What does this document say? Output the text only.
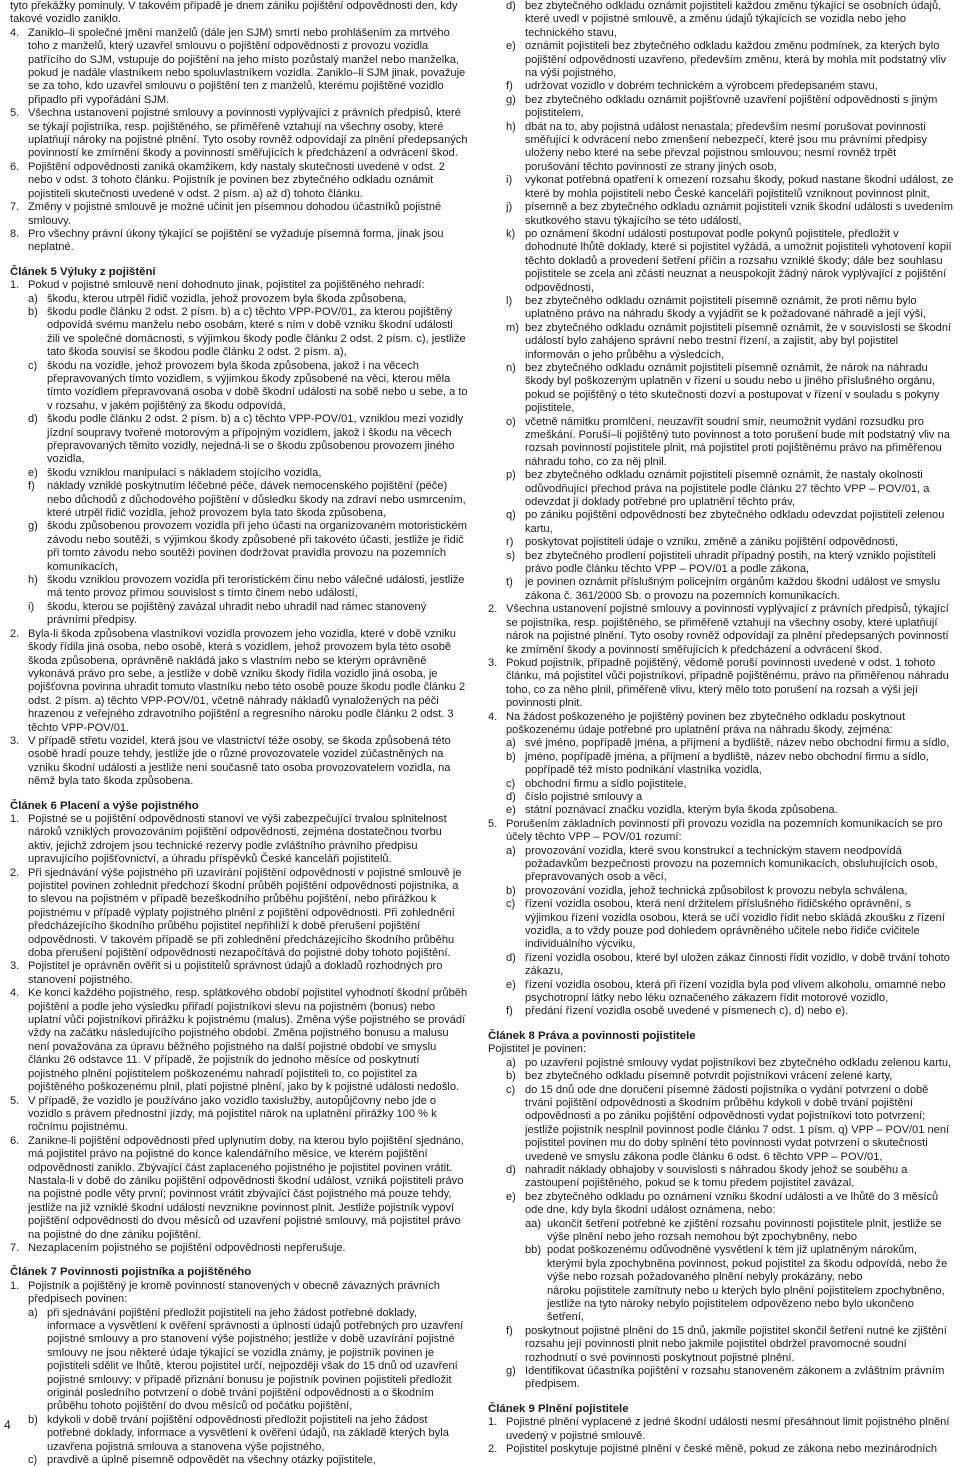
tyto překážky pominuly. V takovém případě je dnem zániku pojištění odpovědnosti den, kdy takové vozidlo zaniklo.

4. Zaniklo–li společné jmění manželů (dále jen SJM) smrtí nebo prohlášením za mrtvého toho z manželů, který uzavřel smlouvu o pojištění odpovědnosti z provozu vozidla patřícího do SJM, vstupuje do pojištění na jeho místo pozůstalý manžel nebo manželka, pokud je nadále vlastníkem nebo spoluvlastníkem vozidla. Zaniklo–li SJM jinak, považuje se za toho, kdo uzavřel smlouvu o pojištění ten z manželů, kterému pojištěné vozidlo připadlo při vypořádání SJM.
5. Všechna ustanovení pojistné smlouvy a povinnosti vyplývající z právních předpisů, které se týkají pojistníka, resp. pojištěného, se přiměřeně vztahují na všechny osoby, které uplatňují nároky na pojistné plnění. Tyto osoby rovněž odpovídají za plnění předepsaných povinností ke zmírnění škody a povinností směřujících k předcházení a odvrácení škod.
6. Pojištění odpovědnosti zaniká okamžikem, kdy nastaly skutečnosti uvedené v odst. 2 nebo v odst. 3 tohoto článku. Pojistník je povinen bez zbytečného odkladu oznámit pojistiteli skutečnosti uvedené v odst. 2 písm. a) až d) tohoto článku.
7. Změny v pojistné smlouvě je možné učinit jen písemnou dohodou účastníků pojistné smlouvy.
8. Pro všechny právní úkony týkající se pojištění se vyžaduje písemná forma, jinak jsou neplatné.
Článek 5 Výluky z pojištění
1. Pokud v pojistné smlouvě není dohodnuto jinak, pojistitel za pojištěného nehradí:
a) škodu, kterou utrpěl řidič vozidla, jehož provozem byla škoda způsobena,
b) škodu podle článku 2 odst. 2 písm. b) a c) těchto VPP-POV/01, za kterou pojištěný odpovídá svému manželu nebo osobám, které s ním v době vzniku škodní události žili ve společné domácnosti, s výjimkou škody podle článku 2 odst. 2 písm. c), jestliže tato škoda souvisí se škodou podle článku 2 odst. 2 písm. a),
c) škodu na vozidle, jehož provozem byla škoda způsobena, jakož i na věcech přepravovaných tímto vozidlem, s výjimkou škody způsobené na věci, kterou měla tímto vozidlem přepravovaná osoba v době škodní události na sobě nebo u sebe, a to v rozsahu, v jakém pojištěný za škodu odpovídá,
d) škodu podle článku 2 odst. 2 písm. b) a c) těchto VPP-POV/01, vzniklou mezi vozidly jízdní soupravy tvořené motorovým a přípojným vozidlem, jakož i škodu na věcech přepravovaných těmito vozidly, nejedná-li se o škodu způsobenou provozem jiného vozidla,
e) škodu vzniklou manipulací s nákladem stojícího vozidla,
f)	náklady vzniklé poskytnutím léčebné péče, dávek nemocenského pojištění (péče) nebo důchodů z důchodového pojištění v důsledku škody na zdraví nebo usmrcením, které utrpěl řidič vozidla, jehož provozem byla tato škoda způsobena,
g) škodu způsobenou provozem vozidla při jeho účasti na organizovaném motoristickém závodu nebo soutěži, s výjimkou škody způsobené při takovéto účasti, jestliže je řidič při tomto závodu nebo soutěži povinen dodržovat pravidla provozu na pozemních komunikacích,
h) škodu vzniklou provozem vozidla při teroristickém činu nebo válečné události, jestliže má tento provoz přímou souvislost s tímto činem nebo událostí,
i)	škodu, kterou se pojištěný zavázal uhradit nebo uhradil nad rámec stanovený právními předpisy.
2. Byla-li škoda způsobena vlastníkovi vozidla provozem jeho vozidla, které v době vzniku škody řídila jiná osoba, nebo osobě, která s vozidlem, jehož provozem byla této osobě škoda způsobena, oprávněně nakládá jako s vlastním nebo se kterým oprávněně vykonává právo pro sebe, a jestliže v době vzniku škody řídila vozidlo jiná osoba, je pojišťovna povinna uhradit tomuto vlastníku nebo této osobě pouze škodu podle článku 2 odst. 2 písm. a) těchto VPP-POV/01, včetně náhrady nákladů vynaložených na péči hrazenou z veřejného zdravotního pojištění a regresního nároku podle článku 2 odst. 3 těchto VPP-POV/01.
3. V případě střetu vozidel, která jsou ve vlastnictví téže osoby, se škoda způsobená této osobě hradí pouze tehdy, jestliže jde o různé provozovatele vozidel zúčastněných na vzniku škodní události a jestliže není současně tato osoba provozovatelem vozidla, na němž byla tato škoda způsobena.
Článek 6 Placení a výše pojistného
1. Pojistné se u pojištění odpovědnosti stanoví ve výši zabezpečující trvalou splnitelnost nároků vzniklých provozováním pojištění odpovědnosti, zejména dostatečnou tvorbu aktiv, jejichž zdrojem jsou technické rezervy podle zvláštního právního předpisu upravujícího pojišťovnictví, a úhradu příspěvků České kanceláři pojistitelů.
2. Při sjednávání výše pojistného při uzavírání pojištění odpovědnosti v pojistné smlouvě je pojistitel povinen zohlednit předchozí škodní průběh pojištění odpovědnosti pojistníka, a to slevou na pojistném v případě bezeškodního průběhu pojištění, nebo přirážkou k pojistnému v případě výplaty pojistného plnění z pojištění odpovědnosti. Při zohlednění předcházejícího škodního průběhu pojistitel nepřihlíží k době přerušení pojištění odpovědnosti. V takovém případě se při zohlednění předcházejícího škodního průběhu doba přerušení pojištění odpovědnosti nezapočítává do pojistné doby tohoto pojištění.
3. Pojistitel je oprávněn ověřit si u pojistitelů správnost údajů a dokladů rozhodných pro stanovení pojistného.
4. Ke konci každého pojistného, resp. splátkového období pojistitel vyhodnotí škodní průběh pojištění a podle jeho výsledku přiřadí pojistníkovi slevu na pojistném (bonus) nebo uplatní vůči pojistníkovi přirážku k pojistnému (malus). Změna výše pojistného se provádí vždy na začátku následujícího pojistného období. Změna pojistného bonusu a malusu není považována za úpravu běžného pojistného na další pojistné období ve smyslu článku 26 odstavce 11. V případě, že pojistník do jednoho měsíce od poskytnutí pojistného plnění pojistitelem poškozenému nahradí pojistiteli to, co pojistitel za pojištěného poškozenému plnil, platí pojistné plnění, jako by k pojistné události nedošlo.
5. V případě, že vozidlo je používáno jako vozidlo taxislužby, autopůjčovny nebo jde o vozidlo s právem přednostní jízdy, má pojistitel nárok na uplatnění přirážky 100 % k ročnímu pojistnému.
6. Zanikne-li pojištění odpovědnosti před uplynutím doby, na kterou bylo pojištění sjednáno, má pojistitel právo na pojistné do konce kalendářního měsíce, ve kterém pojištění odpovědnosti zaniklo. Zbývající část zaplaceného pojistného je pojistitel povinen vrátit. Nastala-li v době do zániku pojištění odpovědnosti škodní událost, vzniká pojistiteli právo na pojistné podle věty první; povinnost vrátit zbývající část pojistného má pouze tehdy, jestliže na již vzniklé škodní události nevznikne povinnost plnit. Jestliže pojistník vypoví pojištění odpovědnosti do dvou měsíců od uzavření pojistné smlouvy, má pojistitel právo na pojistné do dne zániku pojištění.
7. Nezaplacením pojistného se pojištění odpovědnosti nepřerušuje.
Článek 7 Povinnosti pojistníka a pojištěného
1. Pojistník a pojištěný je kromě povinností stanovených v obecně závazných právních předpisech povinen:
a) při sjednávání pojištění předložit pojistiteli na jeho žádost potřebné doklady, informace a vysvětlení k ověření správnosti a úplnosti údajů potřebných pro uzavření pojistné smlouvy a pro stanovení výše pojistného; jestliže v době uzavírání pojistné smlouvy ne jsou některé údaje týkající se vozidla známy, je pojistník povinen je pojistiteli sdělit ve lhůtě, kterou pojistitel určí, nejpozději však do 15 dnů od uzavření pojistné smlouvy; v případě přiznání bonusu je pojistník povinen pojistiteli předložit originál posledního potvrzení o době trvání pojištění odpovědnosti a o škodním průběhu tohoto pojištění do dvou měsíců od počátku pojištění,
b) kdykoli v době trvání pojištění odpovědnosti předložit pojistiteli na jeho žádost potřebné doklady, informace a vysvětlení k ověření údajů, na základě kterých byla uzavřena pojistná smlouva a stanovena výše pojistného,
c) pravdivě a úplně písemně odpovědět na všechny otázky pojistitele,
d) bez zbytečného odkladu oznámit pojistiteli každou změnu týkající se osobních údajů, které uvedl v pojistné smlouvě, a změnu údajů týkajících se vozidla nebo jeho technického stavu,
e) oznámit pojistiteli bez zbytečného odkladu každou změnu podmínek, za kterých bylo pojištění odpovědnosti uzavřeno, především změnu, která by mohla mít podstatný vliv na výši pojistného,
f)	udržovat vozidlo v dobrém technickém a výrobcem předepsaném stavu,
g) bez zbytečného odkladu oznámit pojišťovně uzavření pojištění odpovědnosti s jiným pojistitelem,
h) dbát na to, aby pojistná událost nenastala; především nesmí porušovat povinnosti směřující k odvrácení nebo zmenšení nebezpečí, které jsou mu právními předpisy uloženy nebo které na sebe převzal pojistnou smlouvou; nesmí rovněž trpět porušování těchto povinností ze strany jiných osob,
i)	vykonat potřebná opatření k omezení rozsahu škody, pokud nastane škodní událost, ze které by mohla pojistiteli nebo České kanceláři pojistitelů vzniknout povinnost plnit,
j)	písemně a bez zbytečného odkladu oznámit pojistiteli vznik škodní události s uvedením skutkového stavu týkajícího se této události,
k) po oznámení škodní události postupovat podle pokynů pojistitele, předložit v dohodnuté lhůtě doklady, které si pojistitel vyžádá, a umožnit pojistiteli vyhotovení kopií těchto dokladů a provedení šetření příčin a rozsahu vzniklé škody; dále bez souhlasu pojistitele se zcela ani zčásti neuznat a neuspokojit žádný nárok vyplývající z pojištění odpovědnosti,
l)	bez zbytečného odkladu oznámit pojistiteli písemně oznámit, že proti němu bylo uplatněno právo na náhradu škody a vyjádřit se k požadované náhradě a její výši,
m) bez zbytečného odkladu oznámit pojistiteli písemně oznámit, že v souvislosti se škodní událostí bylo zahájeno správní nebo trestní řízení, a zajistit, aby byl pojistitel informován o jeho průběhu a výsledcích,
n) bez zbytečného odkladu oznámit pojistiteli písemně oznámit, že nárok na náhradu škody byl poškozeným uplatněn v řízení u soudu nebo u jiného příslušného orgánu, pokud se pojištěný o této skutečnosti dozví a postupovat v řízení v souladu s pokyny pojistitele,
o) včetně námitku promlčení, neuzavřít soudní smír, neumožnit vydání rozsudku pro zmeškání. Poruší–li pojištěný tuto povinnost a toto porušení bude mít podstatný vliv na rozsah povinnosti pojistitele plnit, má pojistitel proti pojištěnému právo na přiměřenou náhradu toho, co za něj plnil.
p) bez zbytečného odkladu oznámit pojistiteli písemně oznámit, že nastaly okolnosti odůvodňující přechod práva na pojistitele podle článku 27 těchto VPP – POV/01, a odevzdat jí doklady potřebné pro uplatnění těchto práv,
q) po zániku pojištění odpovědnosti bez zbytečného odkladu odevzdat pojistiteli zelenou kartu,
r)	poskytovat pojistiteli údaje o vzniku, změně a zániku pojištění odpovědnosti,
s) bez zbytečného prodlení pojistiteli uhradit případný postih, na který vzniklo pojistiteli právo podle článku těchto VPP – POV/01 a podle zákona,
t)	je povinen oznámit příslušným policejním orgánům každou škodní událost ve smyslu zákona č. 361/2000 Sb. o provozu na pozemních komunikacích.
2. Všechna ustanovení pojistné smlouvy a povinnosti vyplývající z právních předpisů, týkající se pojistníka, resp. pojištěného, se přiměřeně vztahují na všechny osoby, které uplatňují nárok na pojistné plnění. Tyto osoby rovněž odpovídají za plnění předepsaných povinností ke zmírnění škody a povinností směřujících k předcházení a odvrácení škod.
3. Pokud pojistník, případně pojištěný, vědomě poruší povinnosti uvedené v odst. 1 tohoto článku, má pojistitel vůči pojistníkovi, případně pojištěnému, právo na přiměřenou náhradu toho, co za něho plnil, přiměřeně vlivu, který mělo toto porušení na rozsah a výši její povinnosti plnit.
4. Na žádost poškozeného je pojištěný povinen bez zbytečného odkladu poskytnout poškozenému údaje potřebné pro uplatnění práva na náhradu škody, zejména:
a) své jméno, popřípadě jména, a příjmení a bydliště, název nebo obchodní firmu a sídlo,
b) jméno, popřípadě jména, a příjmení a bydliště, název nebo obchodní firmu a sídlo, popřípadě též místo podnikání vlastníka vozidla,
c) obchodní firmu a sídlo pojistitele,
d) číslo pojistné smlouvy a
e) státní poznávací značku vozidla, kterým byla škoda způsobena.
5. Porušením základních povinností při provozu vozidla na pozemních komunikacích se pro účely těchto VPP – POV/01 rozumí:
a) provozování vozidla, které svou konstrukcí a technickým stavem neodpovídá požadavkům bezpečnosti provozu na pozemních komunikacích, obsluhujících osob, přepravovaných osob a věcí,
b) provozování vozidla, jehož technická způsobilost k provozu nebyla schválena,
c) řízení vozidla osobou, která není držitelem příslušného řidičského oprávnění, s výjimkou řízení vozidla osobou, která se učí vozidlo řídit nebo skládá zkoušku z řízení vozidla, a to vždy pouze pod dohledem oprávněného učitele nebo řidiče cvičitele individuálního výcviku,
d) řízení vozidla osobou, které byl uložen zákaz činnosti řídit vozidlo, v době trvání tohoto zákazu,
e) řízení vozidla osobou, která při řízení vozidla byla pod vlivem alkoholu, omamné nebo psychotropní látky nebo léku označeného zákazem řídit motorové vozidlo,
f)	předání řízení vozidla osobě uvedené v písmenech c), d) nebo e).
Článek 8 Práva a povinnosti pojistitele

Pojistitel je povinen:

a) po uzavření pojistné smlouvy vydat pojistníkovi bez zbytečného odkladu zelenou kartu,
b) bez zbytečného odkladu písemně potvrdit pojistníkovi vrácení zelené karty,
c) do 15 dnů ode dne doručení písemné žádosti pojistníka o vydání potvrzení o době trvání pojištění odpovědnosti a škodním průběhu kdykoli v době trvání pojištění odpovědnosti a po zániku pojištění odpovědnosti vydat pojistníkovi toto potvrzení; jestliže pojistník nesplnil povinnost podle článku 7 odst. 1 písm. q) VPP – POV/01 není pojistitel povinen mu do doby splnění této povinnosti vydat potvrzení o skutečnosti uvedené ve smyslu zákona podle článku 6 odst. 6 těchto VPP – POV/01,
d) nahradit náklady obhajoby v souvislosti s náhradou škody jehož se souběhu a zastoupení pojištěného, pokud se k tomu předem pojistitel zavázal,
e) bez zbytečného odkladu po oznámení vzniku škodní události a ve lhůtě do 3 měsíců ode dne, kdy byla škodní událost oznámena, nebo:
aa) ukončit šetření potřebné ke zjištění rozsahu povinnosti pojistitele plnit, jestliže se výše plnění nebo jeho rozsah nemohou být zpochybněny, nebo
bb) podat poškozenému odůvodněné vysvětlení k tém již uplatněným nárokům, kterými byla zpochybněna povinnost, pokud pojistitel za škodu odpovídá, nebo že výše nebo rozsah požadovaného plnění nebyly prokázány, nebo
nároku pojistitele zamítnuty nebo u kterých bylo plnění pojistitelem zpochybněno, jestliže na tyto nároky nebylo pojistitelem odpovězeno nebo bylo ukončeno šetření,
f)	poskytnout pojistné plnění do 15 dnů, jakmile pojistitel skončil šetření nutné ke zjištění rozsahu její povinnosti plnit nebo jakmile pojistitel obdržel pravomocné soudní rozhodnutí o své povinnosti poskytnout pojistné plnění.
g) Identifikovat účastníka pojištění v rozsahu stanoveném zákonem a zvláštním právním předpisem.
Článek 9 Plnění pojistitele
1. Pojistné plnění vyplacené z jedné škodní události nesmí přesáhnout limit pojistného plnění uvedený v pojistné smlouvě.
2. Pojistitel poskytuje pojistné plnění v české měně, pokud ze zákona nebo mezinárodních
4
